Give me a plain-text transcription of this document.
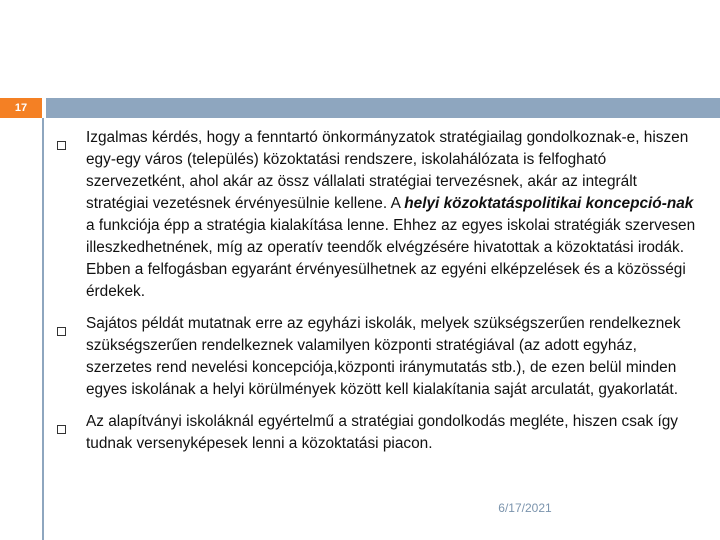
17
Izgalmas kérdés, hogy a fenntartó önkormányzatok stratégiailag gondolkoznak-e, hiszen egy-egy város (település) közoktatási rendszere, iskolahálózata is felfogható szervezetként, ahol akár az össz vállalati stratégiai tervezésnek, akár az integrált stratégiai vezetésnek érvényesülnie kellene. A helyi közoktatáspolitikai koncepció-nak a funkciója épp a stratégia kialakítása lenne. Ehhez az egyes iskolai stratégiák szervesen illeszkedhetnének, míg az operatív teendők elvégzésére hivatottak a közoktatási irodák. Ebben a felfogásban egyaránt érvényesülhetnek az egyéni elképzelések és a közösségi érdekek.
Sajátos példát mutatnak erre az egyházi iskolák, melyek szükségszerűen rendelkeznek szükségszerűen rendelkeznek valamilyen központi stratégiával (az adott egyház, szerzetes rend nevelési koncepciója,központi iránymutatás stb.), de ezen belül minden egyes iskolának a helyi körülmények között kell kialakítania saját arculatát, gyakorlatát.
Az alapítványi iskoláknál egyértelmű a stratégiai gondolkodás megléte, hiszen csak így tudnak versenyképesek lenni a közoktatási piacon.
6/17/2021
